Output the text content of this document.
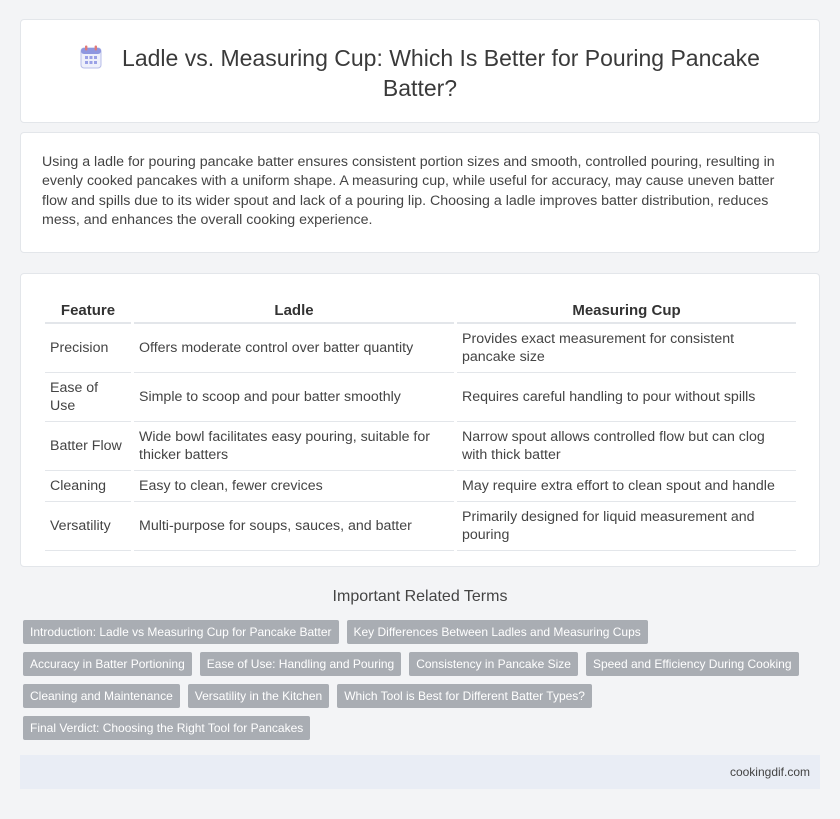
Ladle vs. Measuring Cup: Which Is Better for Pouring Pancake Batter?
Using a ladle for pouring pancake batter ensures consistent portion sizes and smooth, controlled pouring, resulting in evenly cooked pancakes with a uniform shape. A measuring cup, while useful for accuracy, may cause uneven batter flow and spills due to its wider spout and lack of a pouring lip. Choosing a ladle improves batter distribution, reduces mess, and enhances the overall cooking experience.
Feature	Ladle	Measuring Cup
Precision	Offers moderate control over batter quantity	Provides exact measurement for consistent pancake size
Ease of Use	Simple to scoop and pour batter smoothly	Requires careful handling to pour without spills
Batter Flow	Wide bowl facilitates easy pouring, suitable for thicker batters	Narrow spout allows controlled flow but can clog with thick batter
Cleaning	Easy to clean, fewer crevices	May require extra effort to clean spout and handle
Versatility	Multi-purpose for soups, sauces, and batter	Primarily designed for liquid measurement and pouring
Important Related Terms
Introduction: Ladle vs Measuring Cup for Pancake Batter	Key Differences Between Ladles and Measuring Cups
Accuracy in Batter Portioning	Ease of Use: Handling and Pouring	Consistency in Pancake Size	Speed and Efficiency During Cooking
Cleaning and Maintenance	Versatility in the Kitchen	Which Tool is Best for Different Batter Types?
Final Verdict: Choosing the Right Tool for Pancakes
cookingdif.com
